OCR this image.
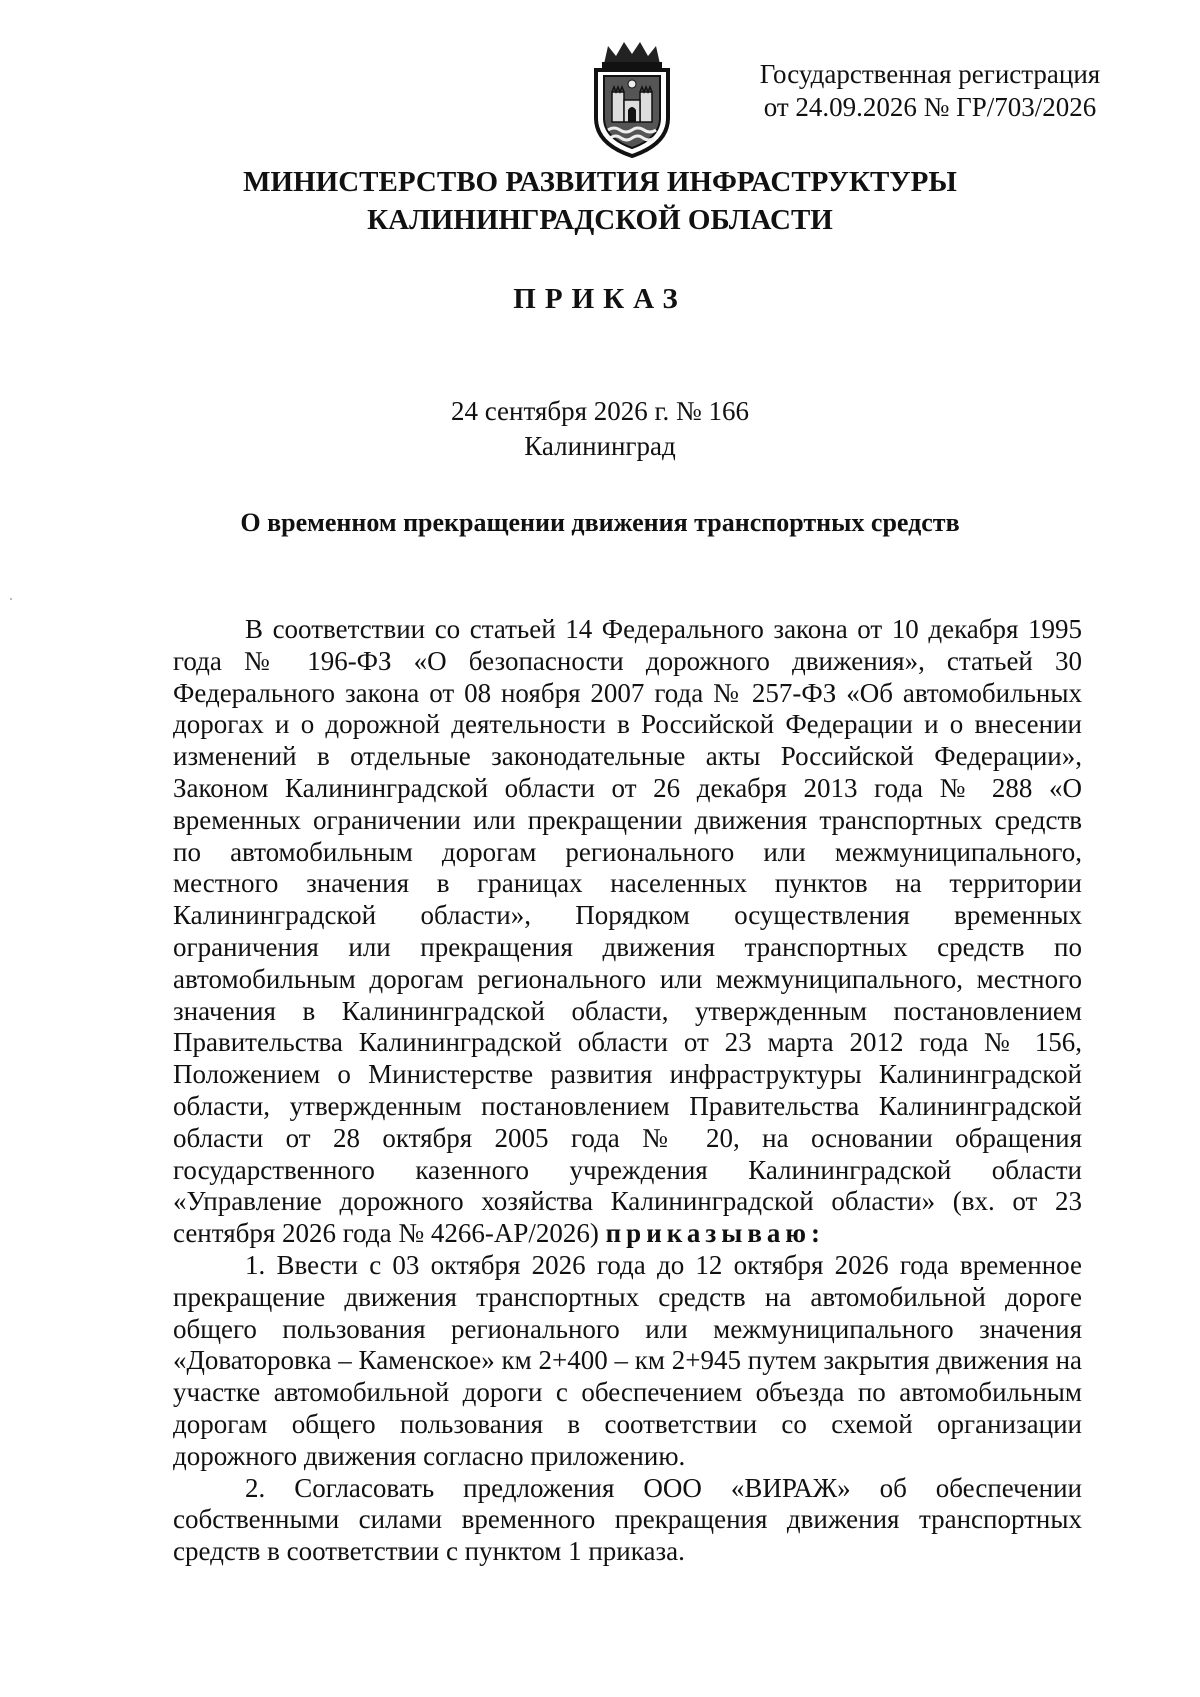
Государственная регистрация
от 24.09.2026 № ГР/703/2026
МИНИСТЕРСТВО РАЗВИТИЯ ИНФРАСТРУКТУРЫ
КАЛИНИНГРАДСКОЙ ОБЛАСТИ
ПРИКАЗ
24 сентября 2026 г. № 166
Калининград
О временном прекращении движения транспортных средств

В соответствии со статьей 14 Федерального закона от 10 декабря 1995 года № 196-ФЗ «О безопасности дорожного движения», статьей 30 Федерального закона от 08 ноября 2007 года № 257-ФЗ «Об автомобильных дорогах и о дорожной деятельности в Российской Федерации и о внесении изменений в отдельные законодательные акты Российской Федерации», Законом Калининградской области от 26 декабря 2013 года № 288 «О временных ограничении или прекращении движения транспортных средств по автомобильным дорогам регионального или межмуниципального, местного значения в границах населенных пунктов на территории Калининградской области», Порядком осуществления временных ограничения или прекращения движения транспортных средств по автомобильным дорогам регионального или межмуниципального, местного значения в Калининградской области, утвержденным постановлением Правительства Калининградской области от 23 марта 2012 года № 156, Положением о Министерстве развития инфраструктуры Калининградской области, утвержденным постановлением Правительства Калининградской области от 28 октября 2005 года № 20, на основании обращения государственного казенного учреждения Калининградской области «Управление дорожного хозяйства Калининградской области» (вх. от 23 сентября 2026 года № 4266-АР/2026) приказываю:

1. Ввести с 03 октября 2026 года до 12 октября 2026 года временное прекращение движения транспортных средств на автомобильной дороге общего пользования регионального или межмуниципального значения «Доваторовка – Каменское» км 2+400 – км 2+945 путем закрытия движения на участке автомобильной дороги с обеспечением объезда по автомобильным дорогам общего пользования в соответствии со схемой организации дорожного движения согласно приложению.

2. Согласовать предложения ООО «ВИРАЖ» об обеспечении собственными силами временного прекращения движения транспортных средств в соответствии с пунктом 1 приказа.
